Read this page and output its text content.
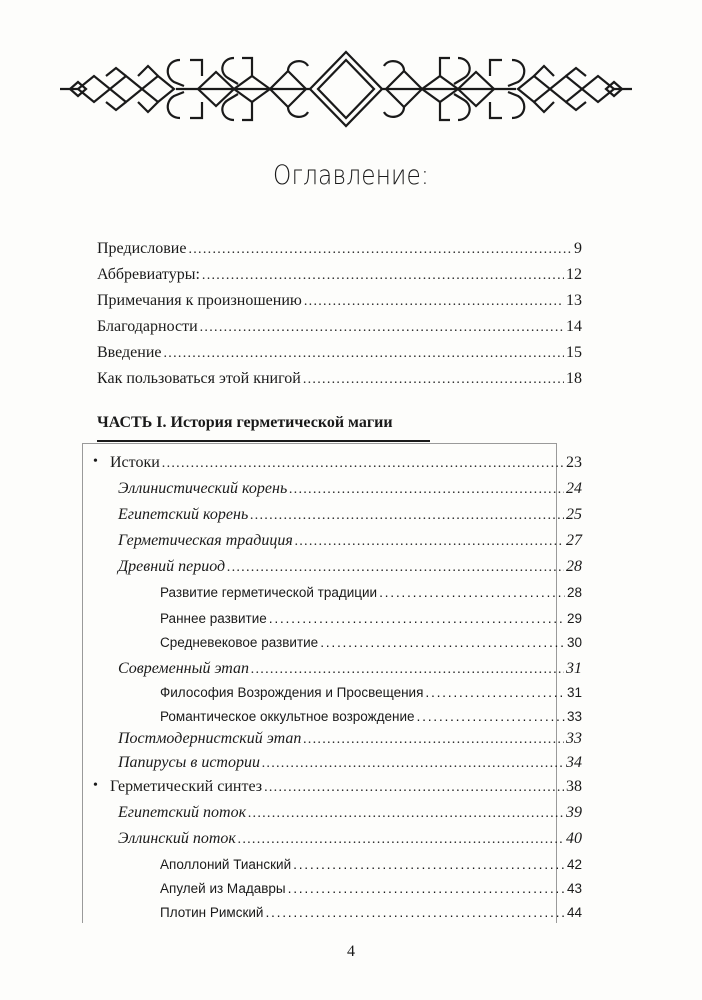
Оглавление:
Предисловие . . .	9
Аббревиатуры: . . .	12
Примечания к произношению . . .	13
Благодарности . . .	14
Введение . . .	15
Как пользоваться этой книгой . . .	18
ЧАСТЬ I. История герметической магии
•
•
Истоки . . .	23
Эллинистический корень . . .	24
Египетский корень . . .	25
Герметическая традиция . . .	27
Древний период . . .	28
Развитие герметической традиции . . .	28
Раннее развитие . . .	29
Средневековое развитие . . .	30
Современный этап . . .	31
Философия Возрождения и Просвещения . . .	31
Романтическое оккультное возрождение . . .	33
Постмодернистский этап . . .	33
Папирусы в истории . . .	34
Герметический синтез . . .	38
Египетский поток . . .	39
Эллинский поток . . .	40
Аполлоний Тианский . . .	42
Апулей из Мадавры . . .	43
Плотин Римский . . .	44
4
